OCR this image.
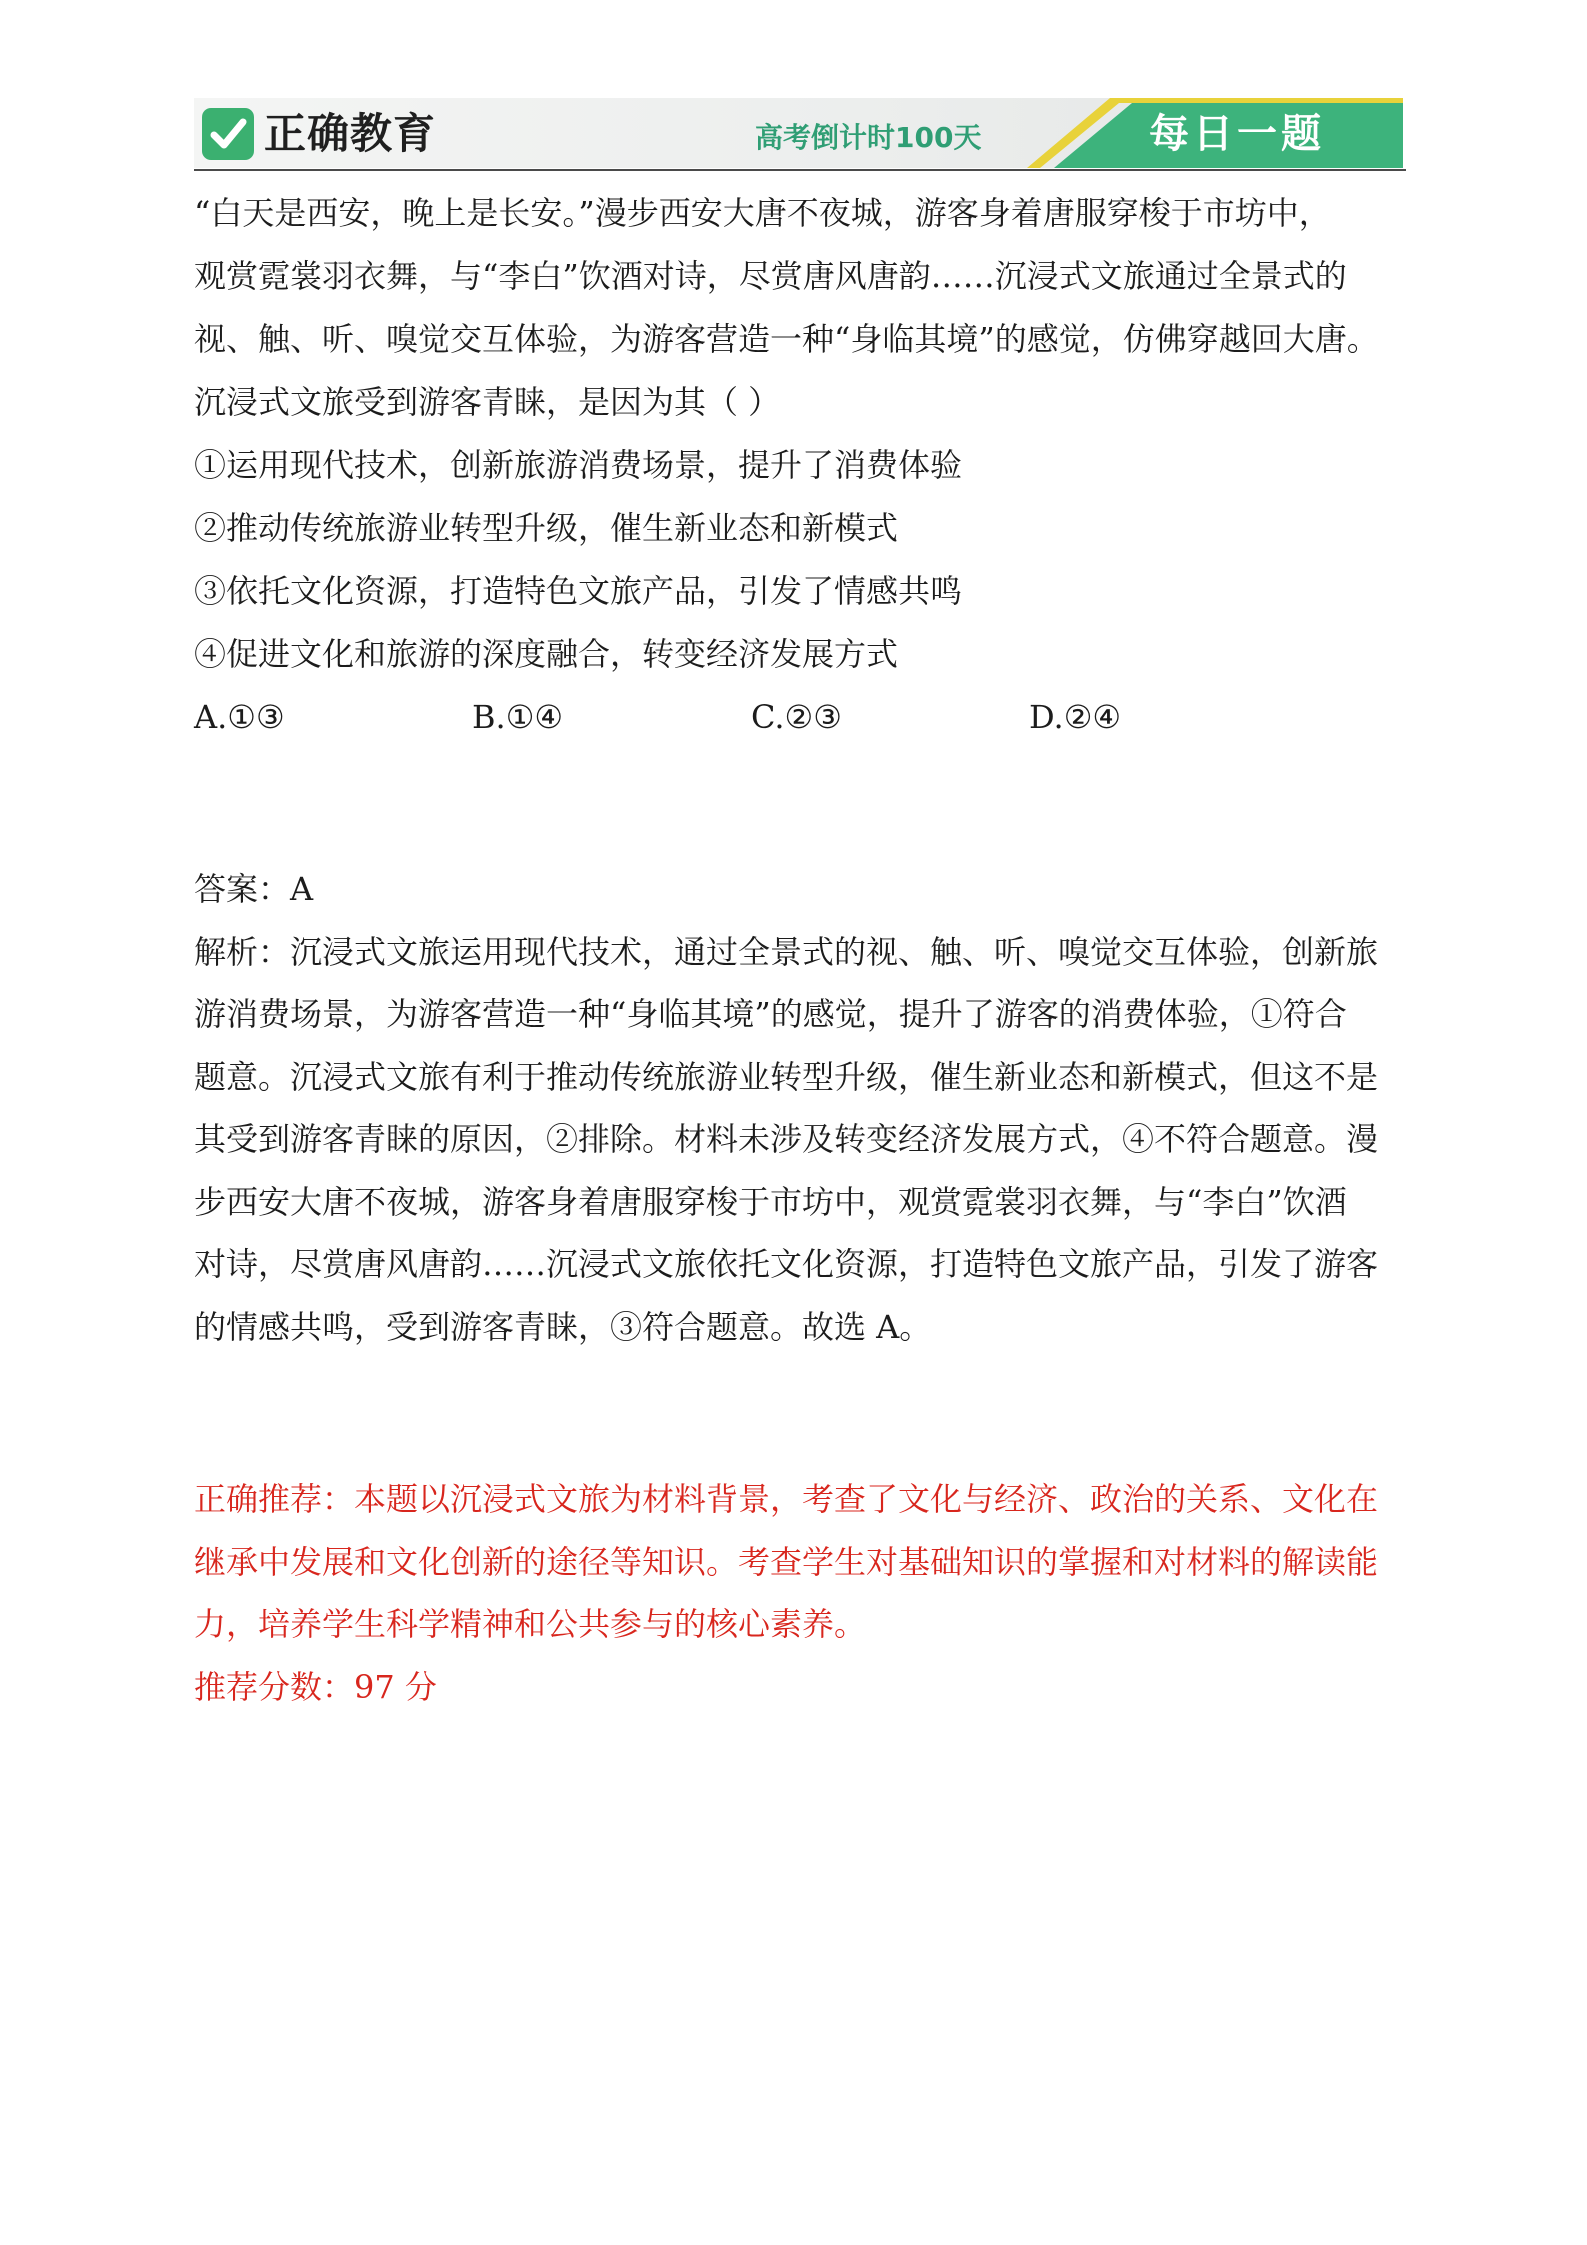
正确教育	高考倒计时100天	每日一题
“白天是西安，晚上是长安。”漫步西安大唐不夜城，游客身着唐服穿梭于市坊中，
观赏霓裳羽衣舞，与“李白”饮酒对诗，尽赏唐风唐韵……沉浸式文旅通过全景式的
视、触、听、嗅觉交互体验，为游客营造一种“身临其境”的感觉，仿佛穿越回大唐。
沉浸式文旅受到游客青睐，是因为其（ ）
①运用现代技术，创新旅游消费场景，提升了消费体验
②推动传统旅游业转型升级，催生新业态和新模式
③依托文化资源，打造特色文旅产品，引发了情感共鸣
④促进文化和旅游的深度融合，转变经济发展方式
A.①③	B.①④	C.②③	D.②④
答案：A
解析：沉浸式文旅运用现代技术，通过全景式的视、触、听、嗅觉交互体验，创新旅
游消费场景，为游客营造一种“身临其境”的感觉，提升了游客的消费体验，①符合
题意。沉浸式文旅有利于推动传统旅游业转型升级，催生新业态和新模式，但这不是
其受到游客青睐的原因，②排除。材料未涉及转变经济发展方式，④不符合题意。漫
步西安大唐不夜城，游客身着唐服穿梭于市坊中，观赏霓裳羽衣舞，与“李白”饮酒
对诗，尽赏唐风唐韵……沉浸式文旅依托文化资源，打造特色文旅产品，引发了游客
的情感共鸣，受到游客青睐，③符合题意。故选 A。
正确推荐：本题以沉浸式文旅为材料背景，考查了文化与经济、政治的关系、文化在
继承中发展和文化创新的途径等知识。考查学生对基础知识的掌握和对材料的解读能
力，培养学生科学精神和公共参与的核心素养。
推荐分数：97 分
